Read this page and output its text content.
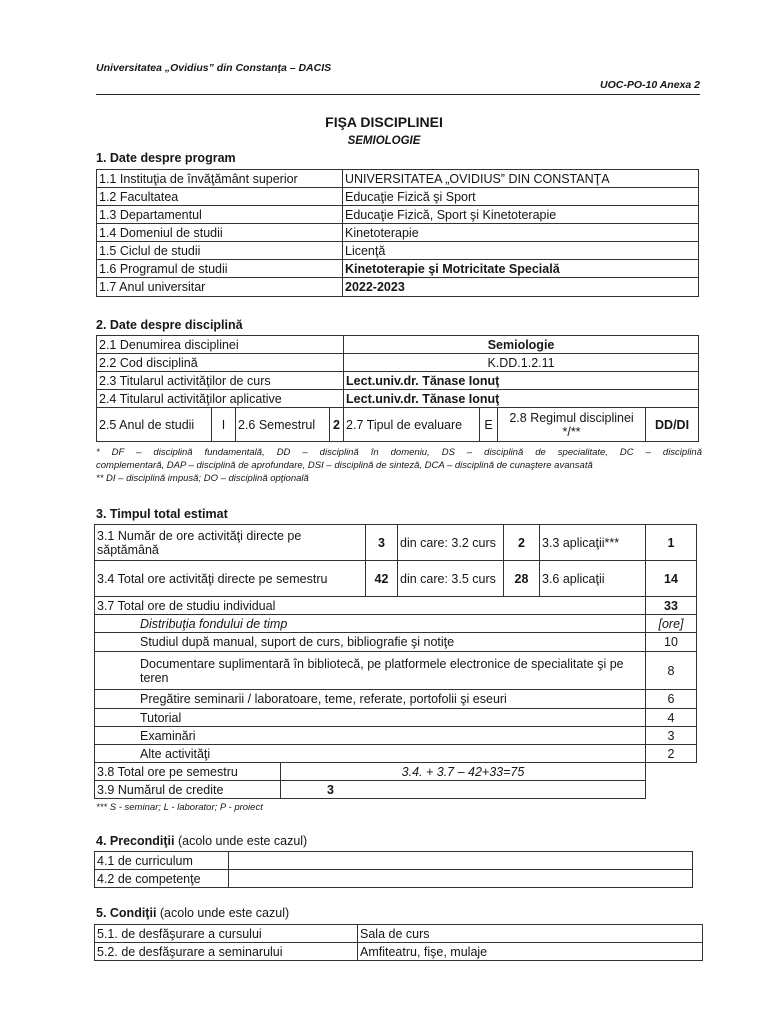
Universitatea „Ovidius” din Constanţa – DACIS
UOC-PO-10 Anexa 2
FIŞA DISCIPLINEI
SEMIOLOGIE
1. Date despre program
1.1 Instituţia de învăţământ superior	UNIVERSITATEA „OVIDIUS” DIN CONSTANŢA
1.2 Facultatea	Educaţie Fizică şi Sport
1.3 Departamentul	Educaţie Fizică, Sport şi Kinetoterapie
1.4 Domeniul de studii	Kinetoterapie
1.5 Ciclul de studii	Licenţă
1.6 Programul de studii	Kinetoterapie şi Motricitate Specială
1.7 Anul universitar	2022-2023
2. Date despre disciplină
2.1 Denumirea disciplinei				Semiologie			
2.2 Cod disciplină				K.DD.1.2.11			
2.3 Titularul activităţilor de curs				Lect.univ.dr. Tănase Ionuţ			
2.4 Titularul activităţilor aplicative				Lect.univ.dr. Tănase Ionuţ			
2.5 Anul de studii	I	2.6 Semestrul	2	2.7 Tipul de evaluare	E	2.8 Regimul disciplinei
*/**	DD/DI
* DF – disciplină fundamentală, DD – disciplină în domeniu, DS – disciplină de specialitate, DC – disciplină
complementară, DAP – disciplină de aprofundare, DSI – disciplină de sinteză, DCA – disciplină de cunaştere avansată
** DI – disciplină impusă; DO – disciplină opţională
3. Timpul total estimat
3.1 Număr de ore activităţi directe pe săptămână		3	din care: 3.2 curs	2	3.3 aplicaţii***	1
3.4 Total ore activităţi directe pe semestru		42	din care: 3.5 curs	28	3.6 aplicaţii	14
3.7 Total ore de studiu individual						33
Distribuţia fondului de timp						[ore]
Studiul după manual, suport de curs, bibliografie şi notiţe						10
Documentare suplimentară în bibliotecă, pe platformele electronice de specialitate şi pe teren						8
Pregătire seminarii / laboratoare, teme, referate, portofolii şi eseuri						6
Tutorial						4
Examinări						3
Alte activităţi						2
3.8 Total ore pe semestru	3.4. + 3.7 – 42+33=75					
3.9 Numărul de credite	3					
*** S - seminar; L - laborator; P - proiect
4. Precondiţii (acolo unde este cazul)
4.1 de curriculum	
4.2 de competenţe	
5. Condiţii (acolo unde este cazul)
5.1. de desfăşurare a cursului	Sala de curs
5.2. de desfăşurare a seminarului	Amfiteatru, fişe, mulaje
